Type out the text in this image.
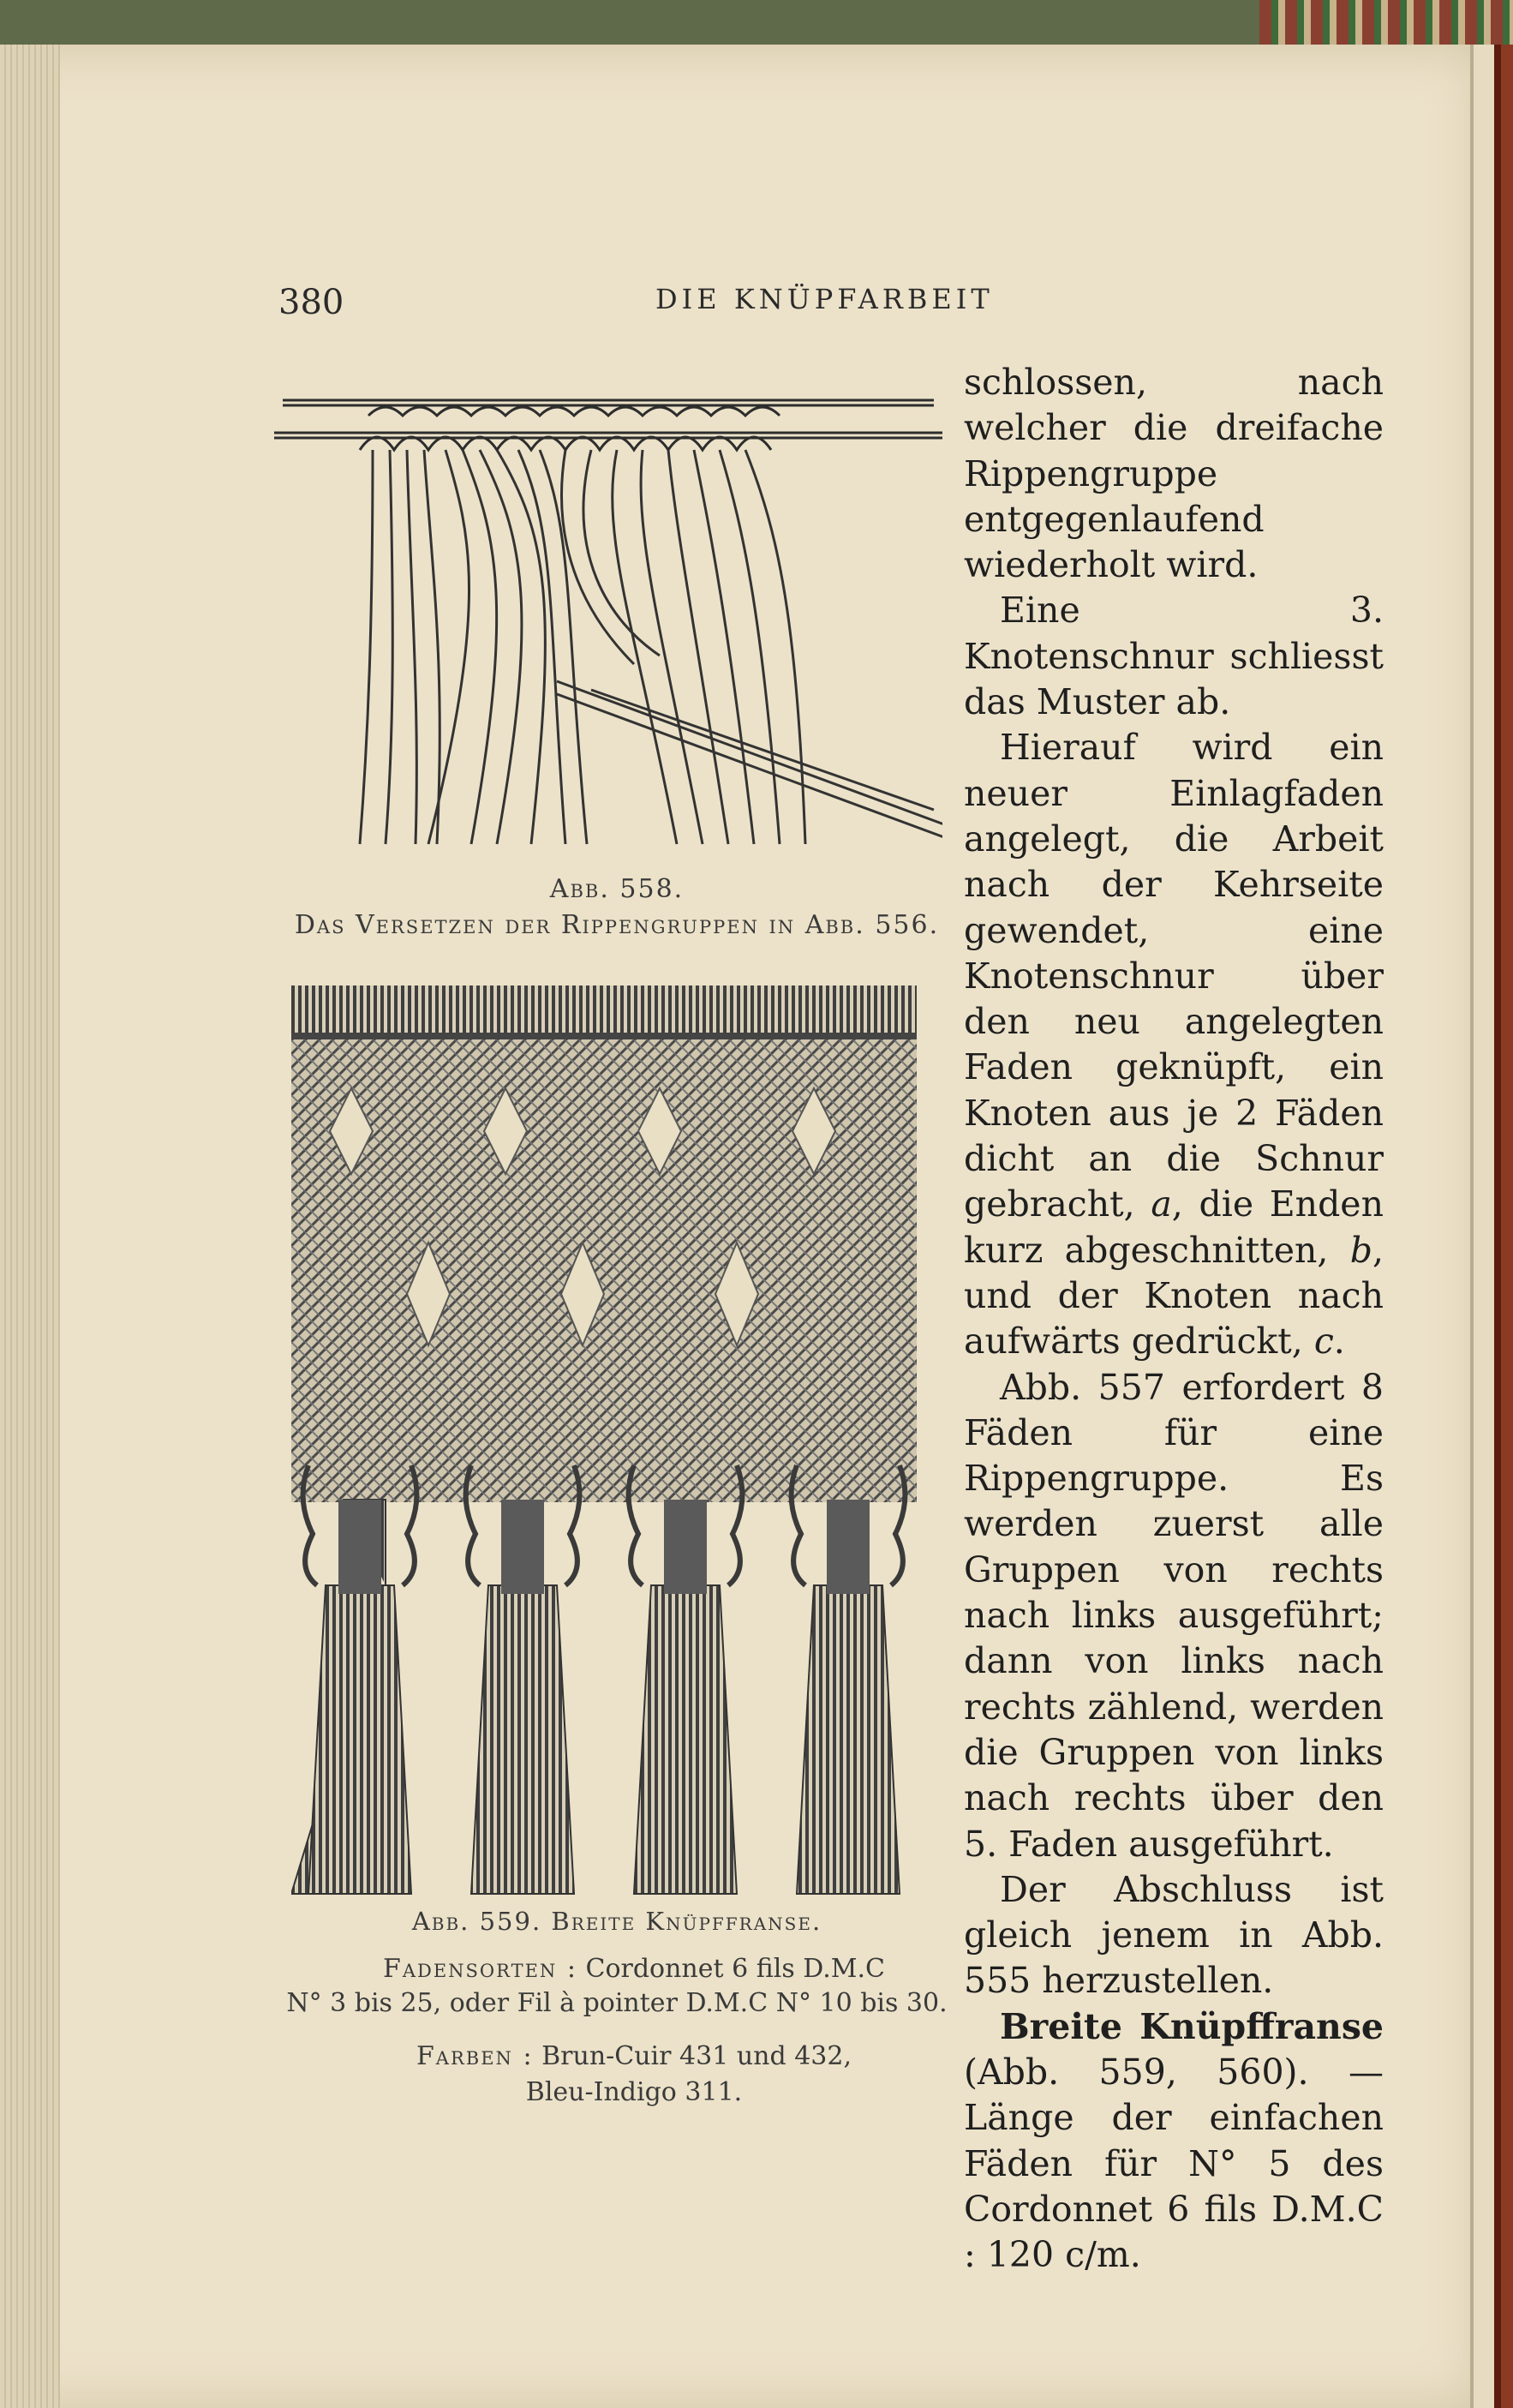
380	DIE KNÜPFARBEIT
Abb. 558.
Das Versetzen der Rippengruppen in Abb. 556.
Abb. 559. Breite Knüpffranse.
Fadensorten : Cordonnet 6 fils D.M.C
N° 3 bis 25, oder Fil à pointer D.M.C N° 10 bis 30.
Farben : Brun-Cuir 431 und 432,
Bleu-Indigo 311.

schlossen, nach welcher die dreifache Rippengruppe entgegenlaufend wiederholt wird.

Eine 3. Knotenschnur schliesst das Muster ab.

Hierauf wird ein neuer Einlagfaden angelegt, die Arbeit nach der Kehrseite gewendet, eine Knotenschnur über den neu angelegten Faden geknüpft, ein Knoten aus je 2 Fäden dicht an die Schnur gebracht, a, die Enden kurz abgeschnitten, b, und der Knoten nach aufwärts gedrückt, c.

Abb. 557 erfordert 8 Fäden für eine Rippengruppe. Es werden zuerst alle Gruppen von rechts nach links ausgeführt; dann von links nach rechts zählend, werden die Gruppen von links nach rechts über den 5. Faden ausgeführt.

Der Abschluss ist gleich jenem in Abb. 555 herzustellen.

Breite Knüpffranse (Abb. 559, 560). — Länge der einfachen Fäden für N° 5 des Cordonnet 6 fils D.M.C : 120 c/m.
